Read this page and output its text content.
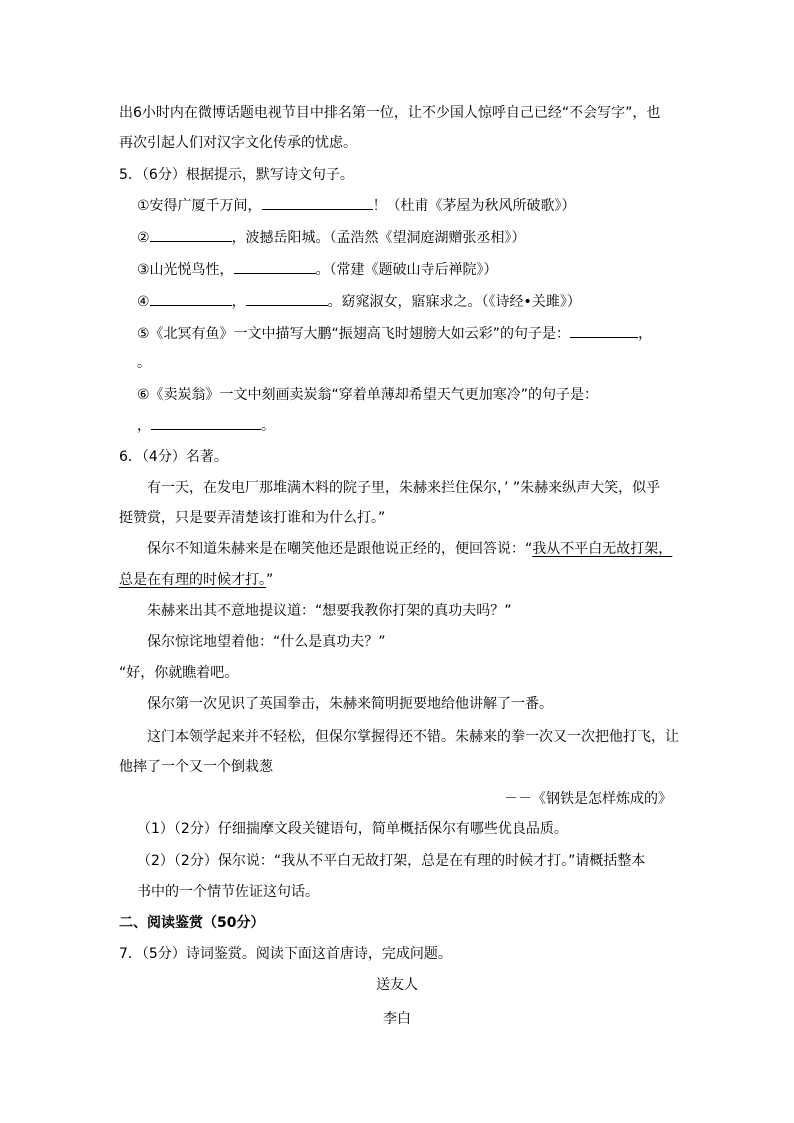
出6小时内在微博话题电视节目中排名第一位，让不少国人惊呼自己已经“不会写字”，也
再次引起人们对汉字文化传承的忧虑。
5．（6分）根据提示，默写诗文句子。
①安得广厦千万间，	！（杜甫《茅屋为秋风所破歌》）
②	，波撼岳阳城。（孟浩然《望洞庭湖赠张丞相》）
③山光悦鸟性，	。（常建《题破山寺后禅院》）
④	，	。窈窕淑女，寤寐求之。（《诗经•关雎》）
⑤《北冥有鱼》一文中描写大鹏“振翅高飞时翅膀大如云彩”的句子是：	，
。
⑥《卖炭翁》一文中刻画卖炭翁“穿着单薄却希望天气更加寒冷”的句子是：
，	。
6．（4分）名著。
有一天，在发电厂那堆满木料的院子里，朱赫来拦住保尔，’ ”朱赫来纵声大笑，似乎
挺赞赏，只是要弄清楚该打谁和为什么打。”
保尔不知道朱赫来是在嘲笑他还是跟他说正经的，便回答说：“我从不平白无故打架，
总是在有理的时候才打。”
朱赫来出其不意地提议道：“想要我教你打架的真功夫吗？”
保尔惊诧地望着他：“什么是真功夫？”
“好，你就瞧着吧。
保尔第一次见识了英国拳击，朱赫来简明扼要地给他讲解了一番。
这门本领学起来并不轻松，但保尔掌握得还不错。朱赫来的拳一次又一次把他打飞，让
他摔了一个又一个倒栽葱
－－《钢铁是怎样炼成的》
（1）（2分）仔细揣摩文段关键语句，简单概括保尔有哪些优良品质。
（2）（2分）保尔说：“我从不平白无故打架，总是在有理的时候才打。”请概括整本
书中的一个情节佐证这句话。
二、阅读鉴赏（50分）
7．（5分）诗词鉴赏。阅读下面这首唐诗，完成问题。
送友人
李白
